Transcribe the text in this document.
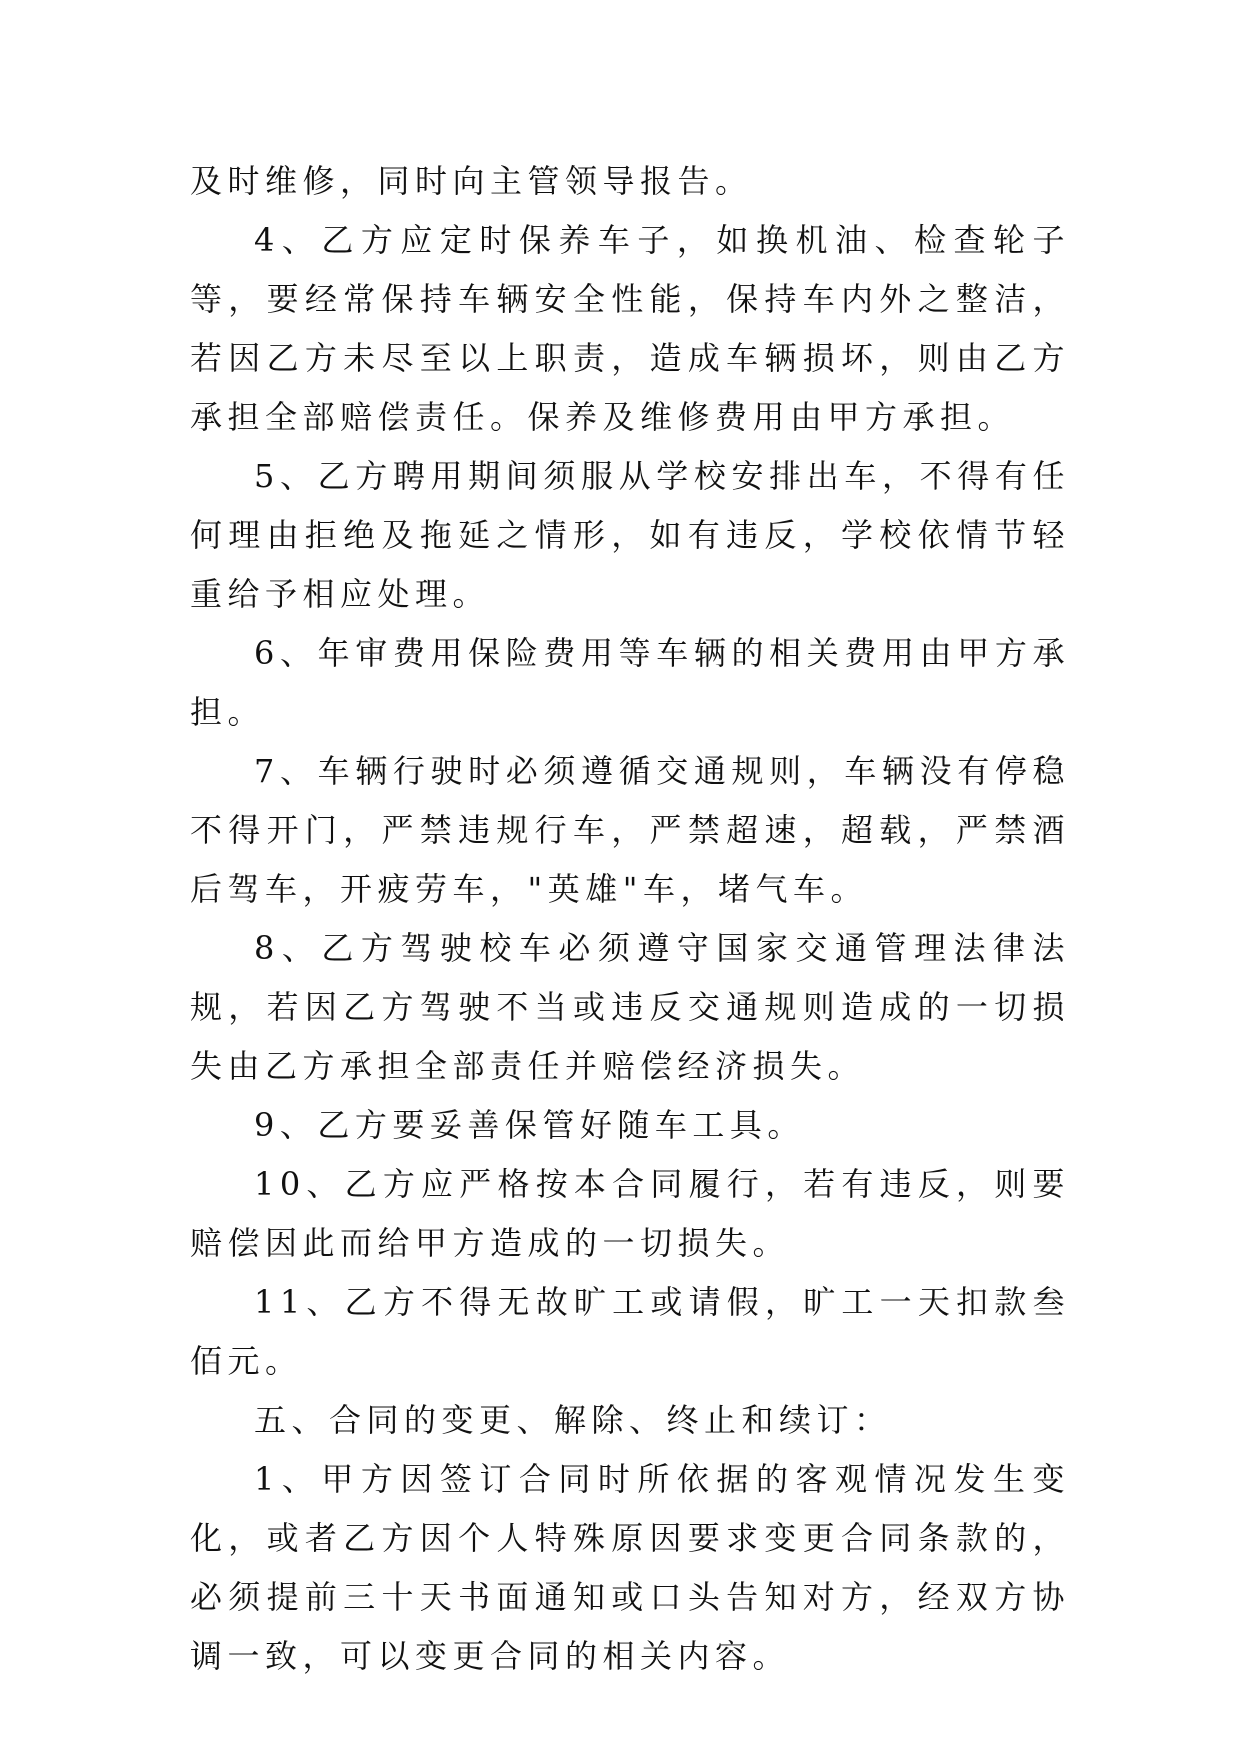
及时维修，同时向主管领导报告。

4、乙方应定时保养车子，如换机油、检查轮子等，要经常保持车辆安全性能，保持车内外之整洁，若因乙方未尽至以上职责，造成车辆损坏，则由乙方承担全部赔偿责任。保养及维修费用由甲方承担。

5、乙方聘用期间须服从学校安排出车，不得有任何理由拒绝及拖延之情形，如有违反，学校依情节轻重给予相应处理。

6、年审费用保险费用等车辆的相关费用由甲方承担。

7、车辆行驶时必须遵循交通规则，车辆没有停稳不得开门，严禁违规行车，严禁超速，超载，严禁酒后驾车，开疲劳车，"英雄"车，堵气车。

8、乙方驾驶校车必须遵守国家交通管理法律法规，若因乙方驾驶不当或违反交通规则造成的一切损失由乙方承担全部责任并赔偿经济损失。

9、乙方要妥善保管好随车工具。

10、乙方应严格按本合同履行，若有违反，则要赔偿因此而给甲方造成的一切损失。

11、乙方不得无故旷工或请假，旷工一天扣款叁佰元。

五、合同的变更、解除、终止和续订：

1、甲方因签订合同时所依据的客观情况发生变化，或者乙方因个人特殊原因要求变更合同条款的，必须提前三十天书面通知或口头告知对方，经双方协调一致，可以变更合同的相关内容。
